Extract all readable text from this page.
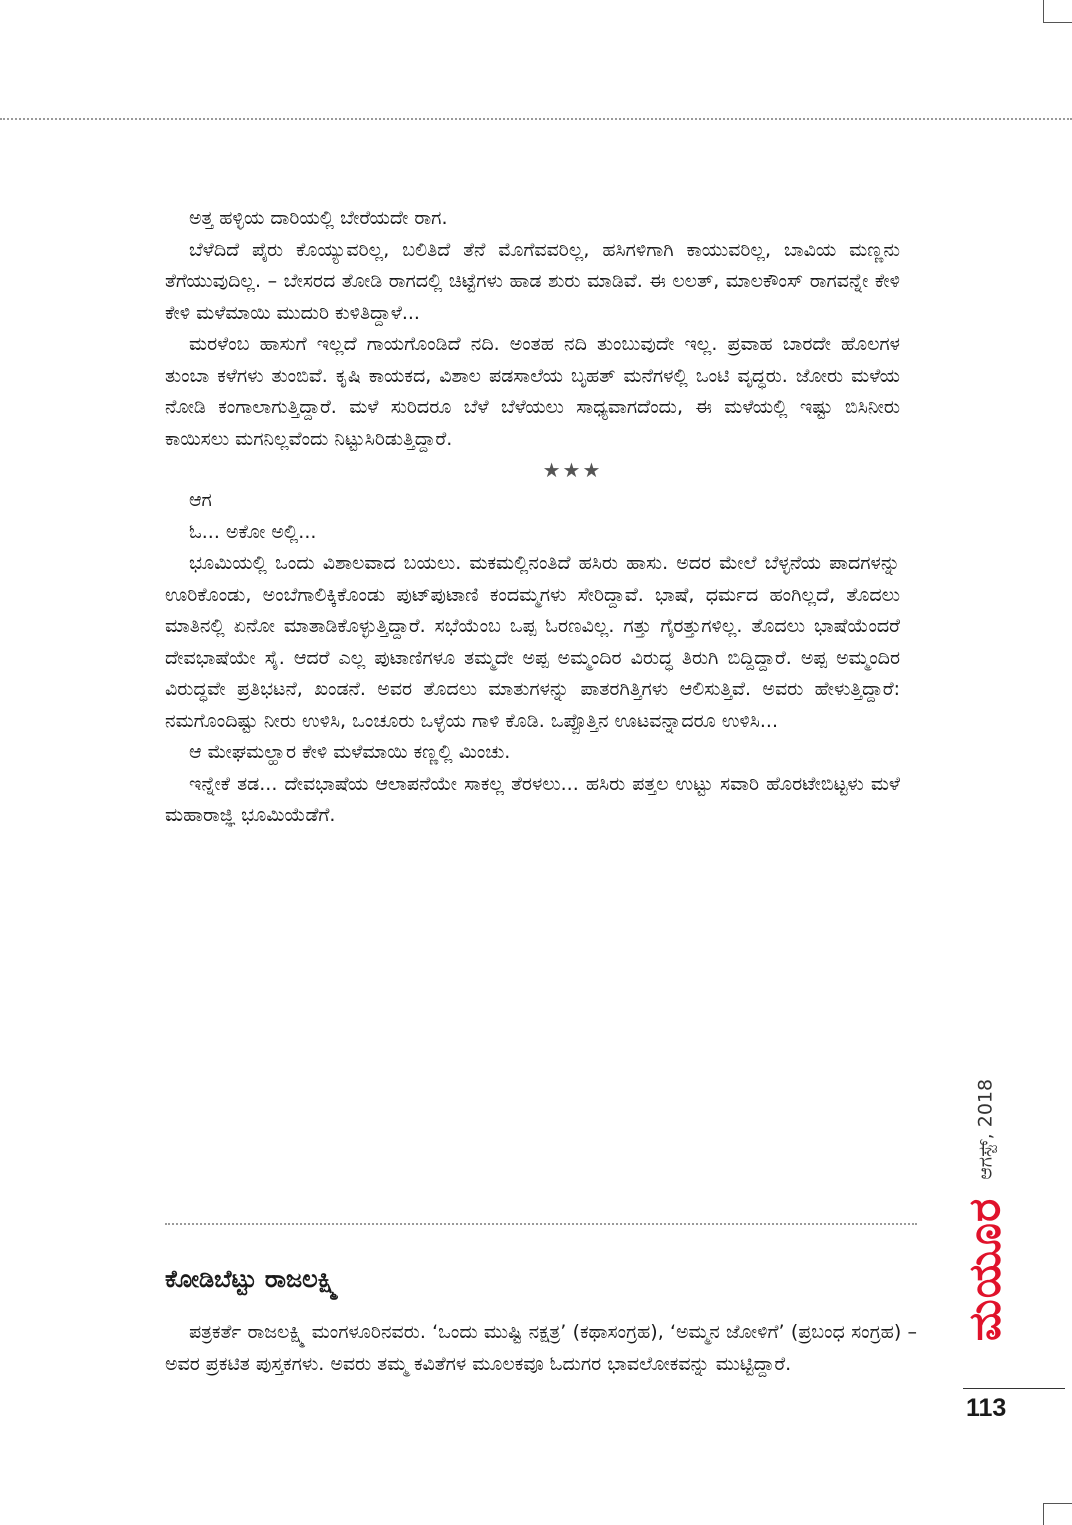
ಅತ್ತ ಹಳ್ಳಿಯ ದಾರಿಯಲ್ಲಿ ಬೇರೆಯದೇ ರಾಗ.

ಬೆಳೆದಿದೆ ಪೈರು ಕೊಯ್ಯುವರಿಲ್ಲ, ಬಲಿತಿದೆ ತೆನೆ ಮೊಗೆವವರಿಲ್ಲ, ಹಸಿಗಳಿಗಾಗಿ ಕಾಯುವರಿಲ್ಲ, ಬಾವಿಯ ಮಣ್ಣನು ತೆಗೆಯುವುದಿಲ್ಲ. – ಬೇಸರದ ತೋಡಿ ರಾಗದಲ್ಲಿ ಚಿಟ್ಟೆಗಳು ಹಾಡ ಶುರು ಮಾಡಿವೆ. ಈ ಲಲತ್, ಮಾಲಕೌಂಸ್ ರಾಗವನ್ನೇ ಕೇಳಿ ಕೇಳಿ ಮಳೆಮಾಯಿ ಮುದುರಿ ಕುಳಿತಿದ್ದಾಳೆ...

ಮರಳೆಂಬ ಹಾಸುಗೆ ಇಲ್ಲದೆ ಗಾಯಗೊಂಡಿದೆ ನದಿ. ಅಂತಹ ನದಿ ತುಂಬುವುದೇ ಇಲ್ಲ. ಪ್ರವಾಹ ಬಾರದೇ ಹೊಲಗಳ ತುಂಬಾ ಕಳೆಗಳು ತುಂಬಿವೆ. ಕೃಷಿ ಕಾಯಕದ, ವಿಶಾಲ ಪಡಸಾಲೆಯ ಬೃಹತ್ ಮನೆಗಳಲ್ಲಿ ಒಂಟಿ ವೃದ್ಧರು. ಜೋರು ಮಳೆಯ ನೋಡಿ ಕಂಗಾಲಾಗುತ್ತಿದ್ದಾರೆ. ಮಳೆ ಸುರಿದರೂ ಬೆಳೆ ಬೆಳೆಯಲು ಸಾಧ್ಯವಾಗದೆಂದು, ಈ ಮಳೆಯಲ್ಲಿ ಇಷ್ಟು ಬಿಸಿನೀರು ಕಾಯಿಸಲು ಮಗನಿಲ್ಲವೆಂದು ನಿಟ್ಟುಸಿರಿಡುತ್ತಿದ್ದಾರೆ.

★★★

ಆಗ

ಓ... ಅಕೋ ಅಲ್ಲಿ...

ಭೂಮಿಯಲ್ಲಿ ಒಂದು ವಿಶಾಲವಾದ ಬಯಲು. ಮಕಮಲ್ಲಿನಂತಿದೆ ಹಸಿರು ಹಾಸು. ಅದರ ಮೇಲೆ ಬೆಳ್ಳನೆಯ ಪಾದಗಳನ್ನು ಊರಿಕೊಂಡು, ಅಂಬೆಗಾಲಿಕ್ಕಿಕೊಂಡು ಪುಟ್‌ಪುಟಾಣಿ ಕಂದಮ್ಮಗಳು ಸೇರಿದ್ದಾವೆ. ಭಾಷೆ, ಧರ್ಮದ ಹಂಗಿಲ್ಲದೆ, ತೊದಲು ಮಾತಿನಲ್ಲಿ ಏನೋ ಮಾತಾಡಿಕೊಳ್ಳುತ್ತಿದ್ದಾರೆ. ಸಭೆಯೆಂಬ ಒಪ್ಪ ಓರಣವಿಲ್ಲ. ಗತ್ತು ಗೈರತ್ತುಗಳಿಲ್ಲ. ತೊದಲು ಭಾಷೆಯೆಂದರೆ ದೇವಭಾಷೆಯೇ ಸೈ. ಆದರೆ ಎಲ್ಲ ಪುಟಾಣಿಗಳೂ ತಮ್ಮದೇ ಅಪ್ಪ ಅಮ್ಮಂದಿರ ವಿರುದ್ಧ ತಿರುಗಿ ಬಿದ್ದಿದ್ದಾರೆ. ಅಪ್ಪ ಅಮ್ಮಂದಿರ ವಿರುದ್ಧವೇ ಪ್ರತಿಭಟನೆ, ಖಂಡನೆ. ಅವರ ತೊದಲು ಮಾತುಗಳನ್ನು ಪಾತರಗಿತ್ತಿಗಳು ಆಲಿಸುತ್ತಿವೆ. ಅವರು ಹೇಳುತ್ತಿದ್ದಾರೆ: ನಮಗೊಂದಿಷ್ಟು ನೀರು ಉಳಿಸಿ, ಒಂಚೂರು ಒಳ್ಳೆಯ ಗಾಳಿ ಕೊಡಿ. ಒಪ್ಪೊತ್ತಿನ ಊಟವನ್ನಾದರೂ ಉಳಿಸಿ...

ಆ ಮೇಘಮಲ್ಹಾರ ಕೇಳಿ ಮಳೆಮಾಯಿ ಕಣ್ಣಲ್ಲಿ ಮಿಂಚು.

ಇನ್ನೇಕೆ ತಡ... ದೇವಭಾಷೆಯ ಆಲಾಪನೆಯೇ ಸಾಕಲ್ಲ ತೆರಳಲು... ಹಸಿರು ಪತ್ತಲ ಉಟ್ಟು ಸವಾರಿ ಹೊರಟೇಬಿಟ್ಟಳು ಮಳೆ ಮಹಾರಾಜ್ಞಿ ಭೂಮಿಯೆಡೆಗೆ.

ಕೋಡಿಬೆಟ್ಟು ರಾಜಲಕ್ಷ್ಮಿ

ಪತ್ರಕರ್ತೆ ರಾಜಲಕ್ಷ್ಮಿ ಮಂಗಳೂರಿನವರು. ‘ಒಂದು ಮುಷ್ಟಿ ನಕ್ಷತ್ರ’ (ಕಥಾಸಂಗ್ರಹ), ‘ಅಮ್ಮನ ಜೋಳಿಗೆ’ (ಪ್ರಬಂಧ ಸಂಗ್ರಹ) – ಅವರ ಪ್ರಕಟಿತ ಪುಸ್ತಕಗಳು. ಅವರು ತಮ್ಮ ಕವಿತೆಗಳ ಮೂಲಕವೂ ಓದುಗರ ಭಾವಲೋಕವನ್ನು ಮುಟ್ಟಿದ್ದಾರೆ.

ಮಯೂರ
ಆಗಸ್ಟ್, 2018
113
